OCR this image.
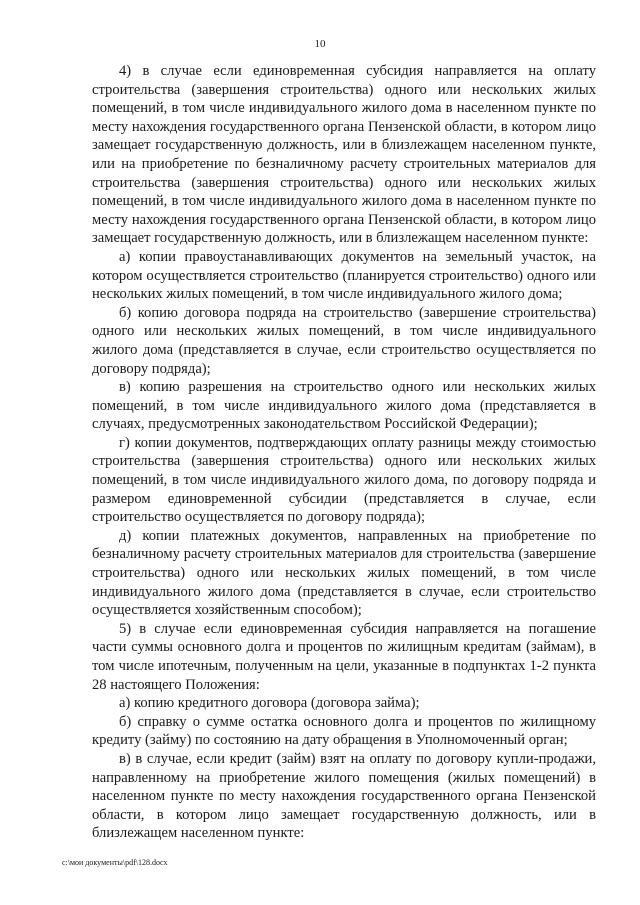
10

4) в случае если единовременная субсидия направляется на оплату строительства (завершения строительства) одного или нескольких жилых помещений, в том числе индивидуального жилого дома в населенном пункте по месту нахождения государственного органа Пензенской области, в котором лицо замещает государственную должность, или в близлежащем населенном пункте, или на приобретение по безналичному расчету строительных материалов для строительства (завершения строительства) одного или нескольких жилых помещений, в том числе индивидуального жилого дома в населенном пункте по месту нахождения государственного органа Пензенской области, в котором лицо замещает государственную должность, или в близлежащем населенном пункте:

а) копии правоустанавливающих документов на земельный участок, на котором осуществляется строительство (планируется строительство) одного или нескольких жилых помещений, в том числе индивидуального жилого дома;

б) копию договора подряда на строительство (завершение строительства) одного или нескольких жилых помещений, в том числе индивидуального жилого дома (представляется в случае, если строительство осуществляется по договору подряда);

в) копию разрешения на строительство одного или нескольких жилых помещений, в том числе индивидуального жилого дома (представляется в случаях, предусмотренных законодательством Российской Федерации);

г) копии документов, подтверждающих оплату разницы между стоимостью строительства (завершения строительства) одного или нескольких жилых помещений, в том числе индивидуального жилого дома, по договору подряда и размером единовременной субсидии (представляется в случае, если строительство осуществляется по договору подряда);

д) копии платежных документов, направленных на приобретение по безналичному расчету строительных материалов для строительства (завершение строительства) одного или нескольких жилых помещений, в том числе индивидуального жилого дома (представляется в случае, если строительство осуществляется хозяйственным способом);

5) в случае если единовременная субсидия направляется на погашение части суммы основного долга и процентов по жилищным кредитам (займам), в том числе ипотечным, полученным на цели, указанные в подпунктах 1-2 пункта 28 настоящего Положения:

а) копию кредитного договора (договора займа);

б) справку о сумме остатка основного долга и процентов по жилищному кредиту (займу) по состоянию на дату обращения в Уполномоченный орган;

в) в случае, если кредит (займ) взят на оплату по договору купли-продажи, направленному на приобретение жилого помещения (жилых помещений) в населенном пункте по месту нахождения государственного органа Пензенской области, в котором лицо замещает государственную должность, или в близлежащем населенном пункте:

c:\мои документы\pdf\128.docx
